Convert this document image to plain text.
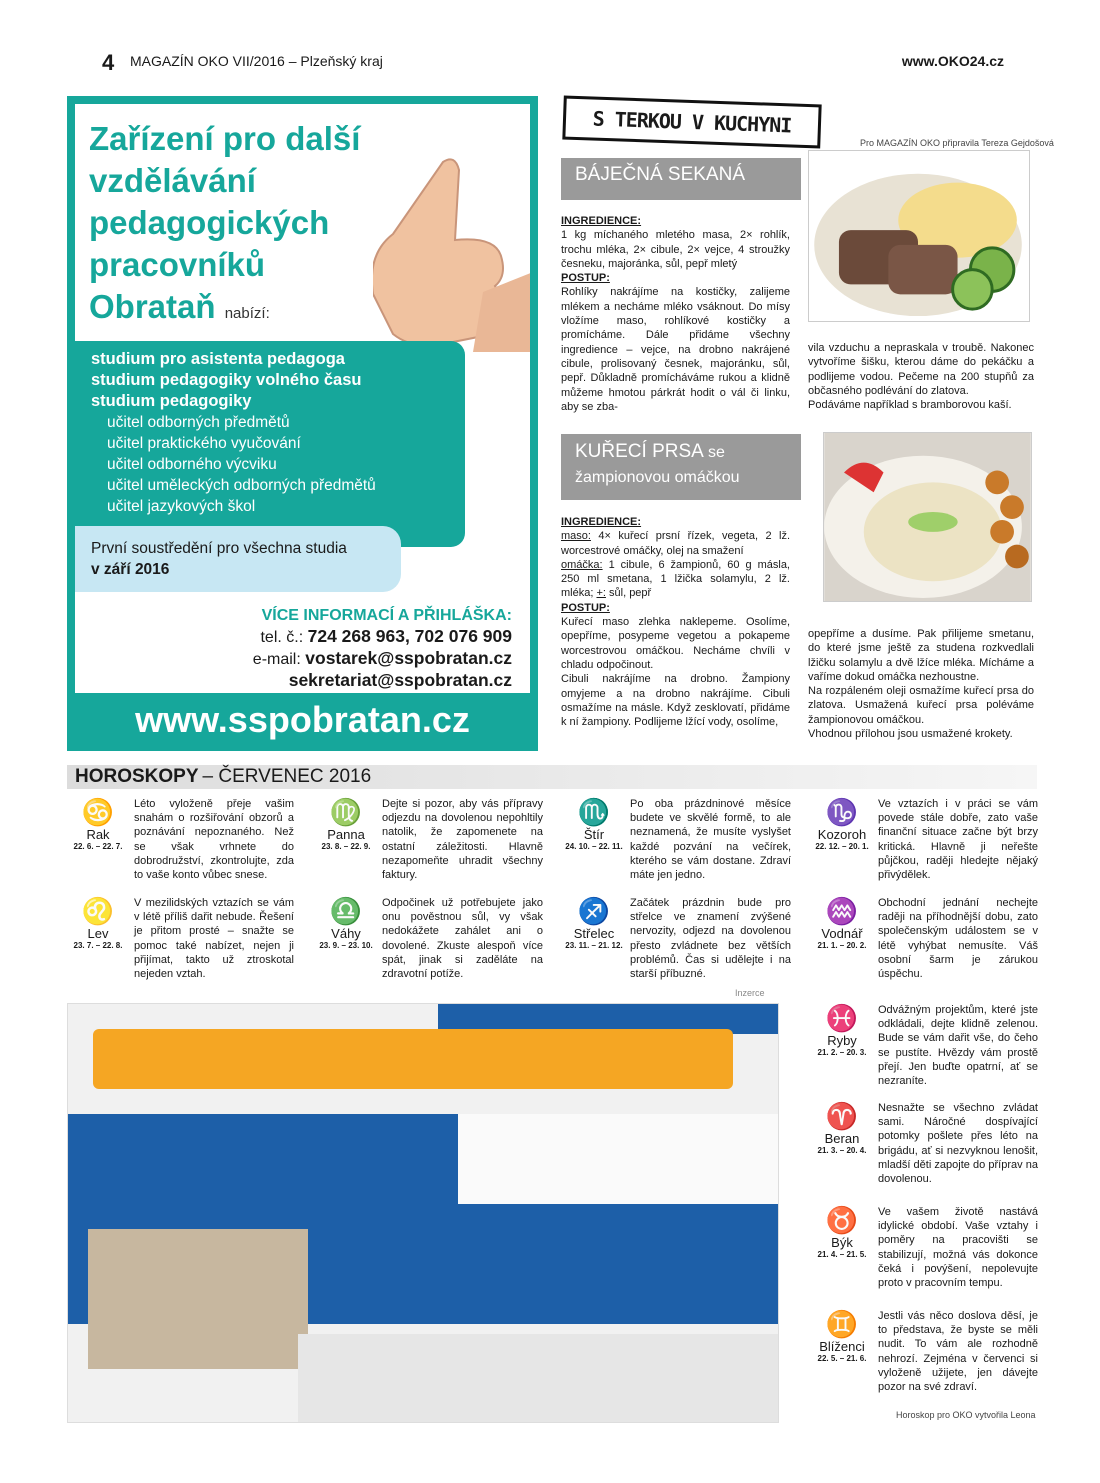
4 MAGAZÍN OKO VII/2016 – Plzeňský kraj	www.OKO24.cz
Zařízení pro další
vzdělávání
pedagogických
pracovníků
Obrataň nabízí:
studium pro asistenta pedagoga
studium pedagogiky volného času
studium pedagogiky
učitel odborných předmětů
učitel praktického vyučování
učitel odborného výcviku
učitel uměleckých odborných předmětů
učitel jazykových škol
První soustředění pro všechna studia
v září 2016
VÍCE INFORMACÍ A PŘIHLÁŠKA:
tel. č.: 724 268 963, 702 076 909
e-mail: vostarek@sspobratan.cz
sekretariat@sspobratan.cz
www.sspobratan.cz
S TERKOU V KUCHYNI
Pro MAGAZÍN OKO připravila Tereza Gejdošová
BÁJEČNÁ SEKANÁ
INGREDIENCE:
1 kg míchaného mletého masa, 2× rohlík, trochu mléka, 2× cibule, 2× vejce, 4 stroužky česneku, majoránka, sůl, pepř mletý
POSTUP:
Rohlíky nakrájíme na kostičky, zalijeme mlékem a necháme mléko vsáknout. Do mísy vložíme maso, rohlíkové kostičky a promícháme. Dále přidáme všechny ingredience – vejce, na drobno nakrájené cibule, prolisovaný česnek, majoránku, sůl, pepř. Důkladně promícháváme rukou a klidně můžeme hmotou párkrát hodit o vál či linku, aby se zba-
vila vzduchu a nepraskala v troubě. Nakonec vytvoříme šišku, kterou dáme do pekáčku a podlijeme vodou. Pečeme na 200 stupňů za občasného podlévání do zlatova.
Podáváme například s bramborovou kaší.
KUŘECÍ PRSA se
žampionovou omáčkou
INGREDIENCE:
maso: 4× kuřecí prsní řízek, vegeta, 2 lž. worcestrové omáčky, olej na smažení
omáčka: 1 cibule, 6 žampionů, 60 g másla, 250 ml smetana, 1 lžička solamylu, 2 lž. mléka; +: sůl, pepř
POSTUP:
Kuřecí maso zlehka naklepeme. Osolíme, opepříme, posypeme vegetou a pokapeme worcestrovou omáčkou. Necháme chvíli v chladu odpočinout.
Cibuli nakrájíme na drobno. Žampiony omyjeme a na drobno nakrájíme. Cibuli osmažíme na másle. Když zesklovatí, přidáme k ní žampiony. Podlijeme lžící vody, osolíme,
opepříme a dusíme. Pak přilijeme smetanu, do které jsme ještě za studena rozkvedlali lžičku solamylu a dvě lžíce mléka. Mícháme a vaříme dokud omáčka nezhoustne.
Na rozpáleném oleji osmažíme kuřecí prsa do zlatova. Usmažená kuřecí prsa poléváme žampionovou omáčkou.
Vhodnou přílohou jsou usmažené krokety.
HOROSKOPY – ČERVENEC 2016
♋
Rak
22. 6. – 22. 7.
Léto vyloženě přeje vašim snahám o rozšiřování obzorů a poznávání nepoznaného. Než se však vrhnete do dobrodružství, zkontrolujte, zda to vaše konto vůbec snese.
♌
Lev
23. 7. – 22. 8.
V mezilidských vztazích se vám v létě příliš dařit nebude. Řešení je přitom prosté – snažte se pomoc také nabízet, nejen ji přijímat, takto už ztroskotal nejeden vztah.
♍
Panna
23. 8. – 22. 9.
Dejte si pozor, aby vás přípravy odjezdu na dovolenou nepohltily natolik, že zapomenete na ostatní záležitosti. Hlavně nezapomeňte uhradit všechny faktury.
♎
Váhy
23. 9. – 23. 10.
Odpočinek už potřebujete jako onu pověstnou sůl, vy však nedokážete zahálet ani o dovolené. Zkuste alespoň více spát, jinak si zaděláte na zdravotní potíže.
♏
Štír
24. 10. – 22. 11.
Po oba prázdninové měsíce budete ve skvělé formě, to ale neznamená, že musíte vyslyšet každé pozvání na večírek, kterého se vám dostane. Zdraví máte jen jedno.
♐
Střelec
23. 11. – 21. 12.
Začátek prázdnin bude pro střelce ve znamení zvýšené nervozity, odjezd na dovolenou přesto zvládnete bez větších problémů. Čas si udělejte i na starší příbuzné.
♑
Kozoroh
22. 12. – 20. 1.
Ve vztazích i v práci se vám povede stále dobře, zato vaše finanční situace začne být brzy kritická. Hlavně ji neřešte půjčkou, raději hledejte nějaký přivýdělek.
♒
Vodnář
21. 1. – 20. 2.
Obchodní jednání nechejte raději na příhodnější dobu, zato společenským událostem se v létě vyhýbat nemusíte. Váš osobní šarm je zárukou úspěchu.
♓
Ryby
21. 2. – 20. 3.
Odvážným projektům, které jste odkládali, dejte klidně zelenou. Bude se vám dařit vše, do čeho se pustíte. Hvězdy vám prostě přejí. Jen buďte opatrní, ať se nezraníte.
♈
Beran
21. 3. – 20. 4.
Nesnažte se všechno zvládat sami. Náročné dospívající potomky pošlete přes léto na brigádu, ať si nezvyknou lenošit, mladší děti zapojte do příprav na dovolenou.
♉
Býk
21. 4. – 21. 5.
Ve vašem životě nastává idylické období. Vaše vztahy i poměry na pracovišti se stabilizují, možná vás dokonce čeká i povýšení, nepolevujte proto v pracovním tempu.
♊
Blíženci
22. 5. – 21. 6.
Jestli vás něco doslova děsí, je to představa, že byste se měli nudit. To vám ale rozhodně nehrozí. Zejména v červenci si vyloženě užijete, jen dávejte pozor na své zdraví.
Inzerce
Horoskop pro OKO vytvořila Leona
